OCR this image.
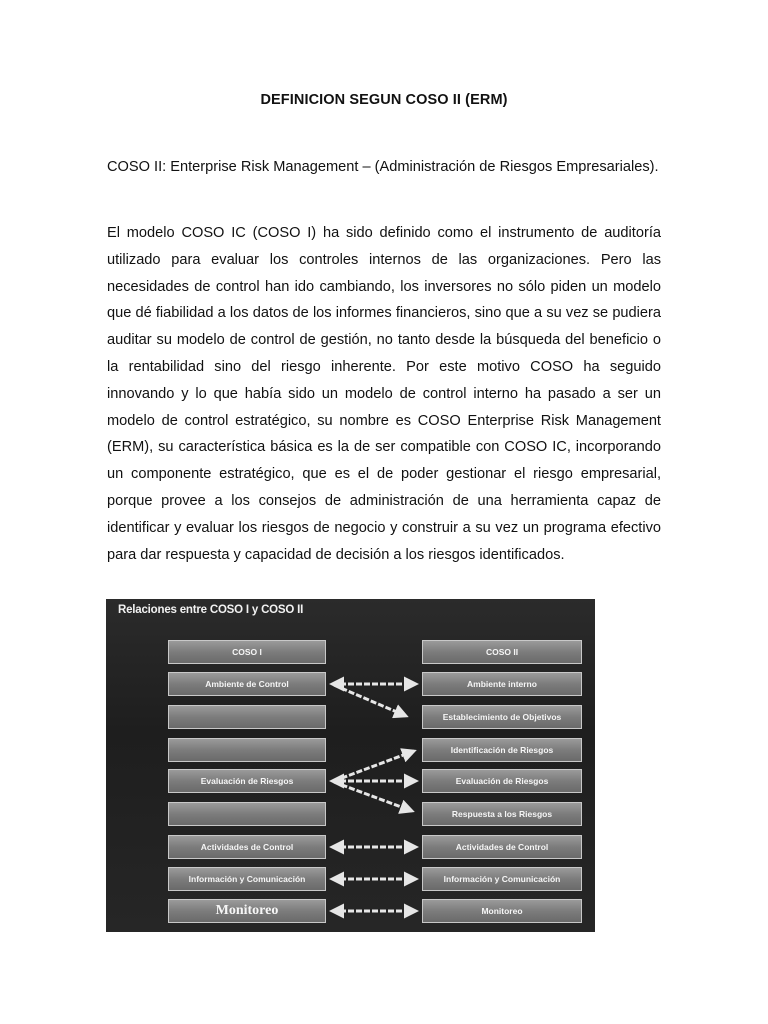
DEFINICION SEGUN COSO II (ERM)

COSO II: Enterprise Risk Management – (Administración de Riesgos Empresariales).

El modelo COSO IC (COSO I) ha sido definido como el instrumento de auditoría utilizado para evaluar los controles internos de las organizaciones. Pero las necesidades de control han ido cambiando, los inversores no sólo piden un modelo que dé fiabilidad a los datos de los informes financieros, sino que a su vez se pudiera auditar su modelo de control de gestión, no tanto desde la búsqueda del beneficio o la rentabilidad sino del riesgo inherente. Por este motivo COSO ha seguido innovando y lo que había sido un modelo de control interno ha pasado a ser un modelo de control estratégico, su nombre es COSO Enterprise Risk Management (ERM), su característica básica es la de ser compatible con COSO IC, incorporando un componente estratégico, que es el de poder gestionar el riesgo empresarial, porque provee a los consejos de administración de una herramienta capaz de identificar y evaluar los riesgos de negocio y construir a su vez un programa efectivo para dar respuesta y capacidad de decisión a los riesgos identificados.

Relaciones entre COSO I y COSO II
COSO I
Ambiente de Control
Evaluación de Riesgos
Actividades de Control
Información y Comunicación
Monitoreo
COSO II
Ambiente interno
Establecimiento de Objetivos
Identificación de Riesgos
Evaluación de Riesgos
Respuesta a los Riesgos
Actividades de Control
Información y Comunicación
Monitoreo
